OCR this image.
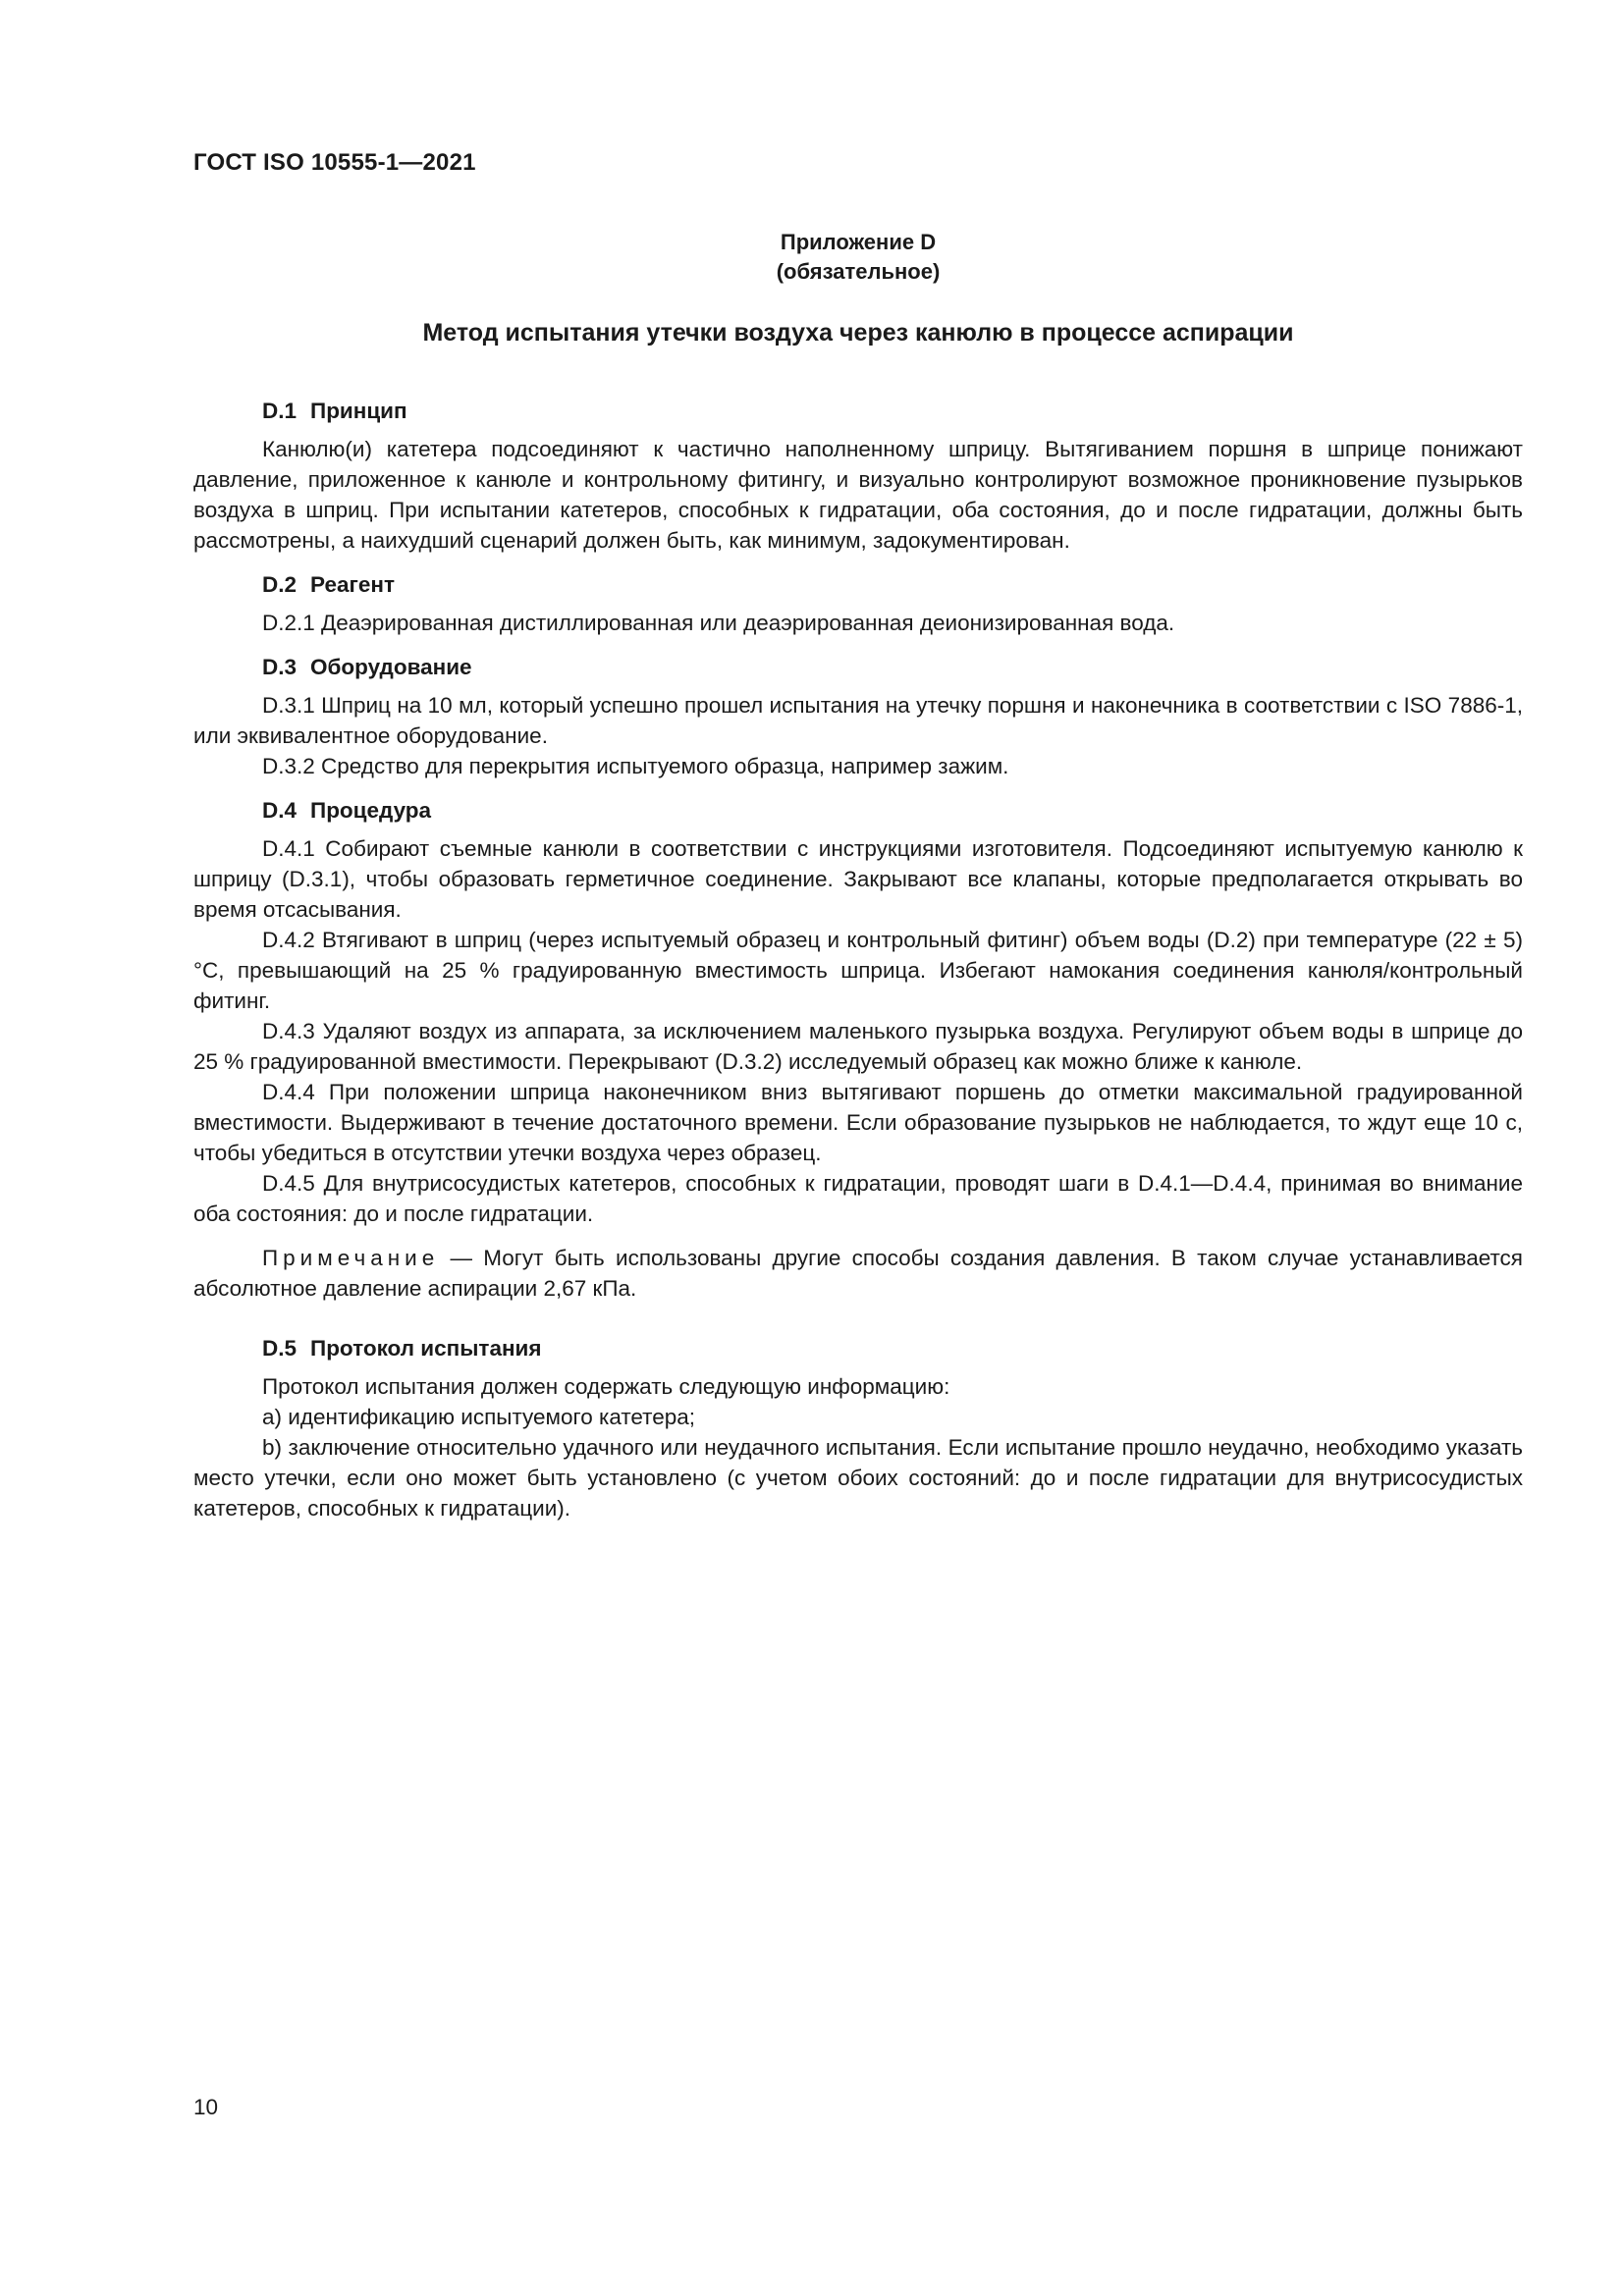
ГОСТ ISO 10555-1—2021
Приложение D
(обязательное)
Метод испытания утечки воздуха через канюлю в процессе аспирации
D.1 Принцип

Канюлю(и) катетера подсоединяют к частично наполненному шприцу. Вытягиванием поршня в шприце понижают давление, приложенное к канюле и контрольному фитингу, и визуально контролируют возможное проникновение пузырьков воздуха в шприц. При испытании катетеров, способных к гидратации, оба состояния, до и после гидратации, должны быть рассмотрены, а наихудший сценарий должен быть, как минимум, задокументирован.

D.2 Реагент

D.2.1 Деаэрированная дистиллированная или деаэрированная деионизированная вода.

D.3 Оборудование

D.3.1 Шприц на 10 мл, который успешно прошел испытания на утечку поршня и наконечника в соответствии с ISO 7886-1, или эквивалентное оборудование.

D.3.2 Средство для перекрытия испытуемого образца, например зажим.

D.4 Процедура

D.4.1 Собирают съемные канюли в соответствии с инструкциями изготовителя. Подсоединяют испытуемую канюлю к шприцу (D.3.1), чтобы образовать герметичное соединение. Закрывают все клапаны, которые предполагается открывать во время отсасывания.

D.4.2 Втягивают в шприц (через испытуемый образец и контрольный фитинг) объем воды (D.2) при температуре (22 ± 5) °С, превышающий на 25 % градуированную вместимость шприца. Избегают намокания соединения канюля/контрольный фитинг.

D.4.3 Удаляют воздух из аппарата, за исключением маленького пузырька воздуха. Регулируют объем воды в шприце до 25 % градуированной вместимости. Перекрывают (D.3.2) исследуемый образец как можно ближе к канюле.

D.4.4 При положении шприца наконечником вниз вытягивают поршень до отметки максимальной градуированной вместимости. Выдерживают в течение достаточного времени. Если образование пузырьков не наблюдается, то ждут еще 10 с, чтобы убедиться в отсутствии утечки воздуха через образец.

D.4.5 Для внутрисосудистых катетеров, способных к гидратации, проводят шаги в D.4.1—D.4.4, принимая во внимание оба состояния: до и после гидратации.

Примечание — Могут быть использованы другие способы создания давления. В таком случае устанавливается абсолютное давление аспирации 2,67 кПа.

D.5 Протокол испытания

Протокол испытания должен содержать следующую информацию:

а) идентификацию испытуемого катетера;

b) заключение относительно удачного или неудачного испытания. Если испытание прошло неудачно, необходимо указать место утечки, если оно может быть установлено (с учетом обоих состояний: до и после гидратации для внутрисосудистых катетеров, способных к гидратации).

10
